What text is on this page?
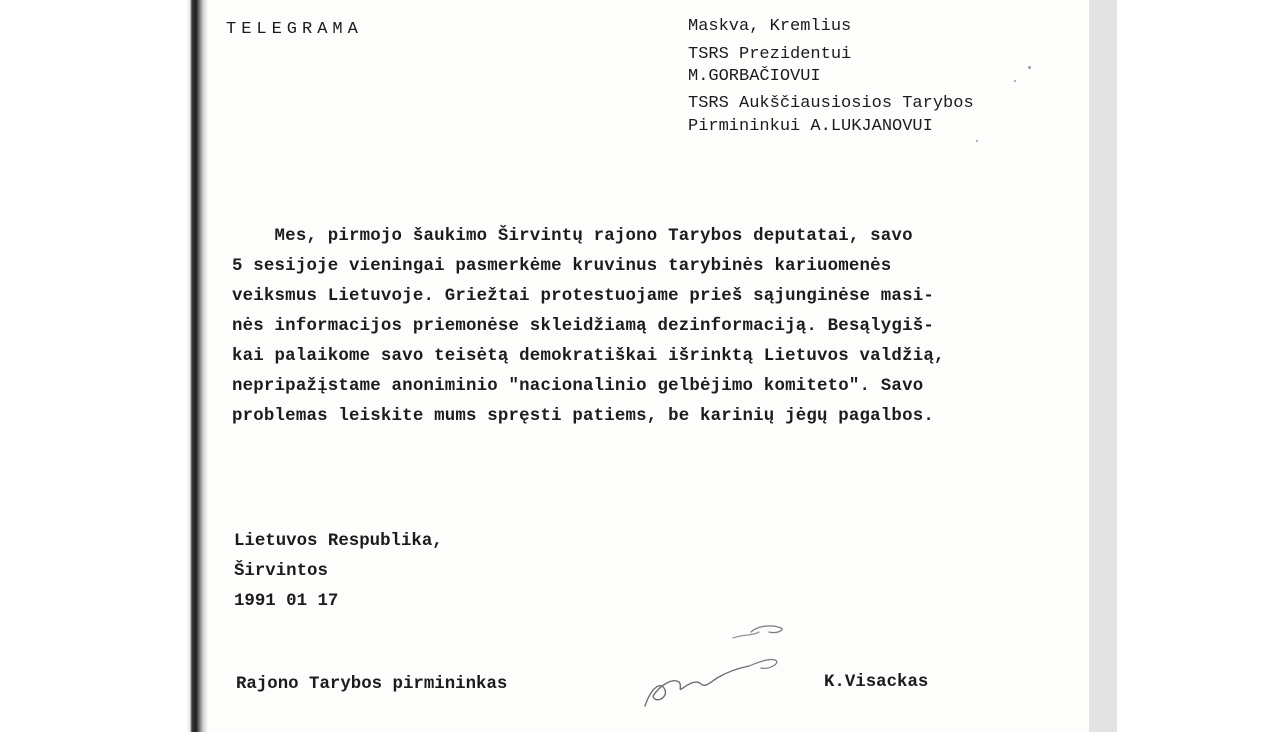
TELEGRAMA	Maskva, Kremlius

TSRS Prezidentui
M.GORBAČIOVUI
TSRS Aukščiausiosios Tarybos
Pirmininkui A.LUKJANOVUI
Mes, pirmojo šaukimo Širvintų rajono Tarybos deputatai, savo
5 sesijoje vieningai pasmerkėme kruvinus tarybinės kariuomenės
veiksmus Lietuvoje. Griežtai protestuojame prieš sąjunginėse masi-
nės informacijos priemonėse skleidžiamą dezinformaciją. Besąlygiš-
kai palaikome savo teisėtą demokratiškai išrinktą Lietuvos valdžią,
nepripažįstame anoniminio "nacionalinio gelbėjimo komiteto". Savo
problemas leiskite mums spręsti patiems, be karinių jėgų pagalbos.
Lietuvos Respublika,
Širvintos
1991 01 17

Rajono Tarybos pirmininkas	K.Visackas
